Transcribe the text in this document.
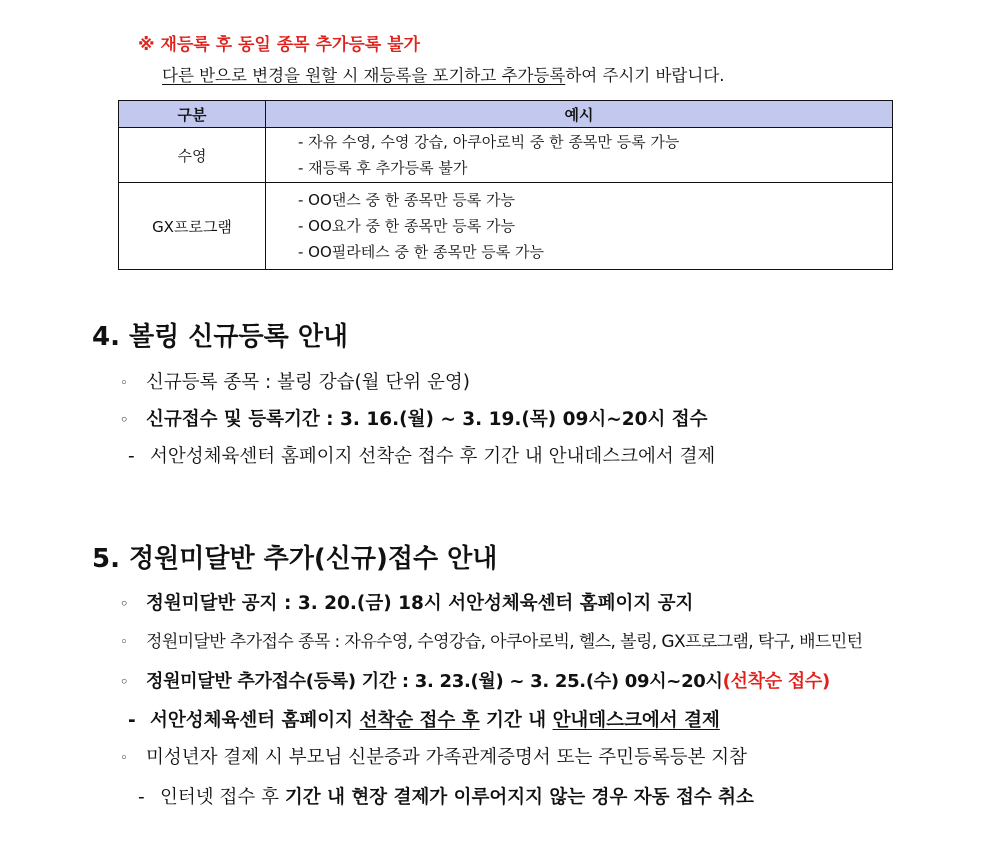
※ 재등록 후 동일 종목 추가등록 불가
다른 반으로 변경을 원할 시 재등록을 포기하고 추가등록하여 주시기 바랍니다.
구분	예시
수영	- 자유 수영, 수영 강습, 아쿠아로빅 중 한 종목만 등록 가능
- 재등록 후 추가등록 불가

GX프로그램	- OO댄스 중 한 종목만 등록 가능
- OO요가 중 한 종목만 등록 가능
- OO필라테스 중 한 종목만 등록 가능
4. 볼링 신규등록 안내
◦ 신규등록 종목 : 볼링 강습(월 단위 운영)
◦ 신규접수 및 등록기간 : 3. 16.(월) ~ 3. 19.(목) 09시~20시 접수
- 서안성체육센터 홈페이지 선착순 접수 후 기간 내 안내데스크에서 결제
5. 정원미달반 추가(신규)접수 안내
◦ 정원미달반 공지 : 3. 20.(금) 18시 서안성체육센터 홈페이지 공지
◦ 정원미달반 추가접수 종목 : 자유수영, 수영강습, 아쿠아로빅, 헬스, 볼링, GX프로그램, 탁구, 배드민턴
◦ 정원미달반 추가접수(등록) 기간 : 3. 23.(월) ~ 3. 25.(수) 09시~20시(선착순 접수)
- 서안성체육센터 홈페이지 선착순 접수 후 기간 내 안내데스크에서 결제
◦ 미성년자 결제 시 부모님 신분증과 가족관계증명서 또는 주민등록등본 지참
- 인터넷 접수 후 기간 내 현장 결제가 이루어지지 않는 경우 자동 접수 취소
